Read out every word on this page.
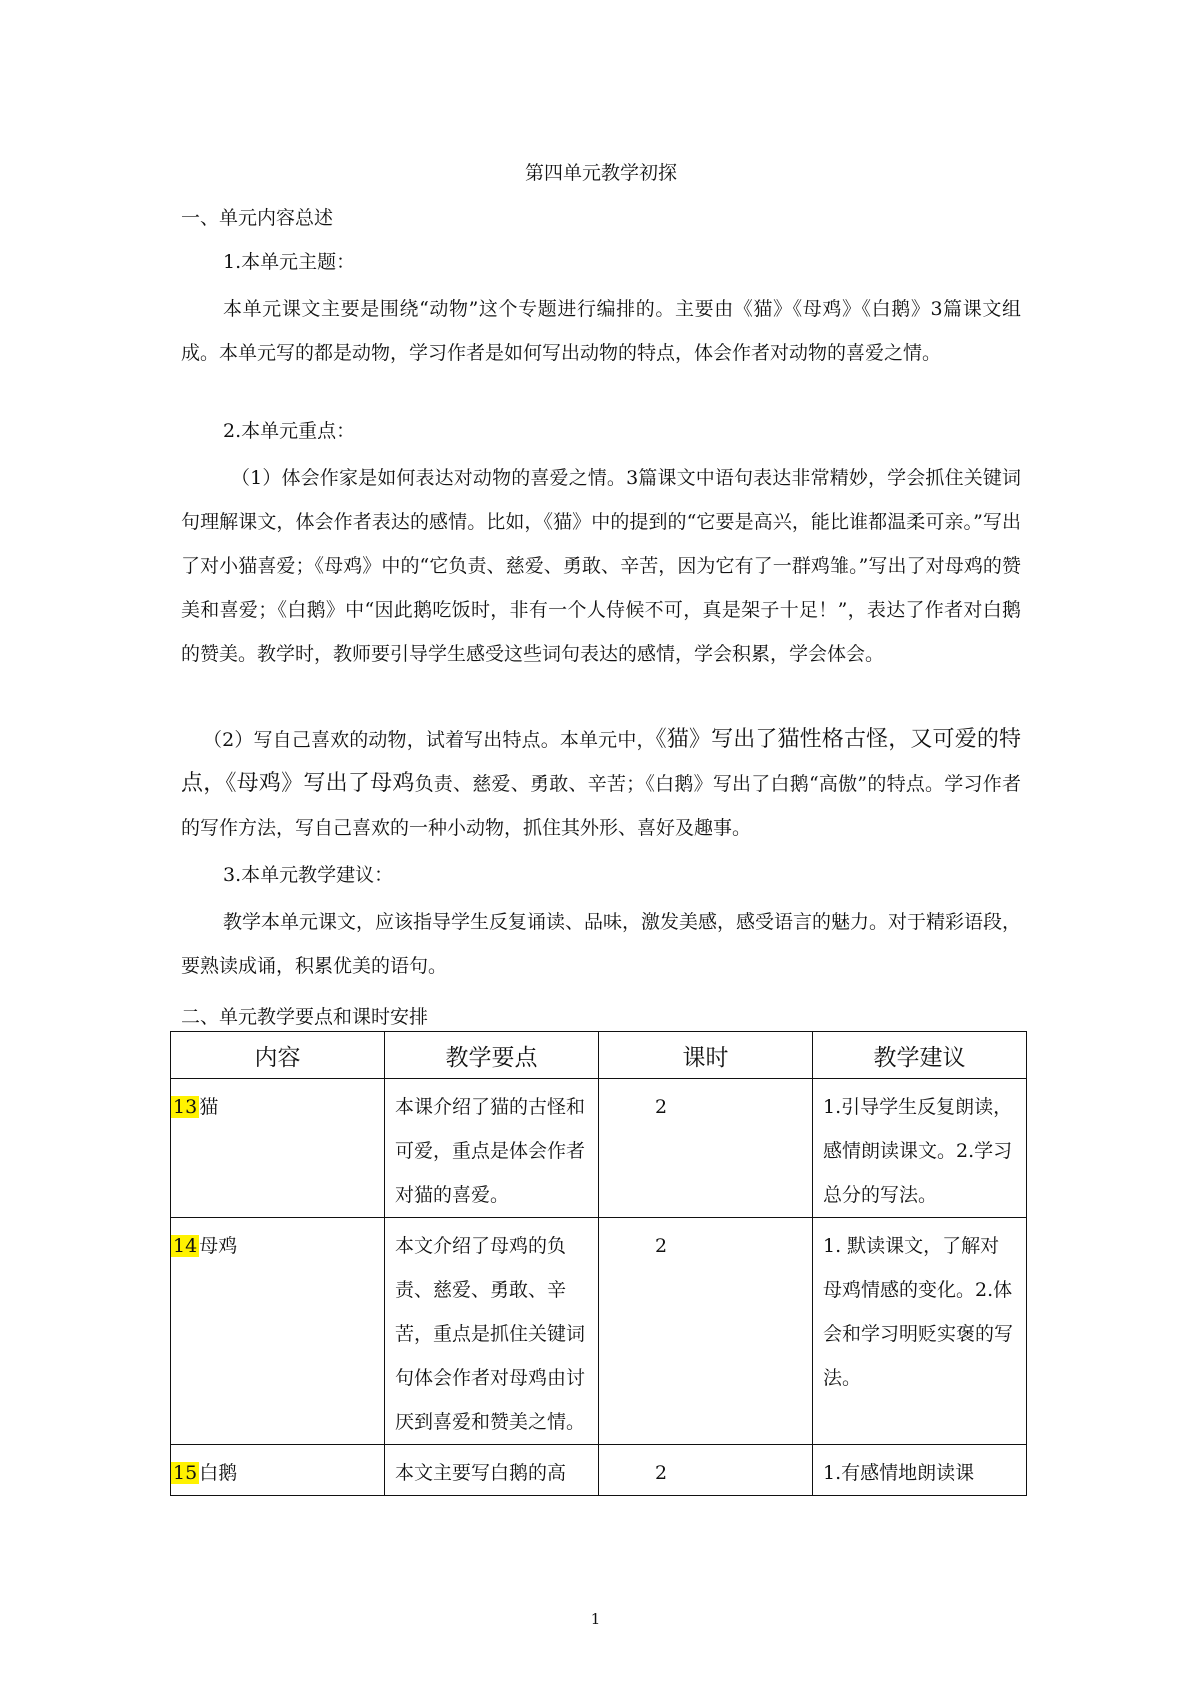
第四单元教学初探
一、单元内容总述
1.本单元主题：
本单元课文主要是围绕“动物”这个专题进行编排的。主要由《猫》《母鸡》《白鹅》3篇课文组成。本单元写的都是动物，学习作者是如何写出动物的特点，体会作者对动物的喜爱之情。
2.本单元重点：
（1）体会作家是如何表达对动物的喜爱之情。3篇课文中语句表达非常精妙，学会抓住关键词句理解课文，体会作者表达的感情。比如，《猫》中的提到的“它要是高兴，能比谁都温柔可亲。”写出了对小猫喜爱；《母鸡》中的“它负责、慈爱、勇敢、辛苦，因为它有了一群鸡雏。”写出了对母鸡的赞美和喜爱；《白鹅》中“因此鹅吃饭时，非有一个人侍候不可，真是架子十足！”，表达了作者对白鹅的赞美。教学时，教师要引导学生感受这些词句表达的感情，学会积累，学会体会。
（2）写自己喜欢的动物，试着写出特点。本单元中，《猫》写出了猫性格古怪，又可爱的特点，《母鸡》写出了母鸡负责、慈爱、勇敢、辛苦；《白鹅》写出了白鹅“高傲”的特点。学习作者的写作方法，写自己喜欢的一种小动物，抓住其外形、喜好及趣事。
3.本单元教学建议：
教学本单元课文，应该指导学生反复诵读、品味，激发美感，感受语言的魅力。对于精彩语段，要熟读成诵，积累优美的语句。
二、单元教学要点和课时安排
内容	教学要点	课时	教学建议
13 猫	本课介绍了猫的古怪和可爱，重点是体会作者对猫的喜爱。	2	1.引导学生反复朗读，感情朗读课文。2.学习总分的写法。
14 母鸡	本文介绍了母鸡的负责、慈爱、勇敢、辛苦，重点是抓住关键词句体会作者对母鸡由讨厌到喜爱和赞美之情。	2	1. 默读课文，了解对母鸡情感的变化。2.体会和学习明贬实褒的写法。
15 白鹅	本文主要写白鹅的高	2	1.有感情地朗读课
1
